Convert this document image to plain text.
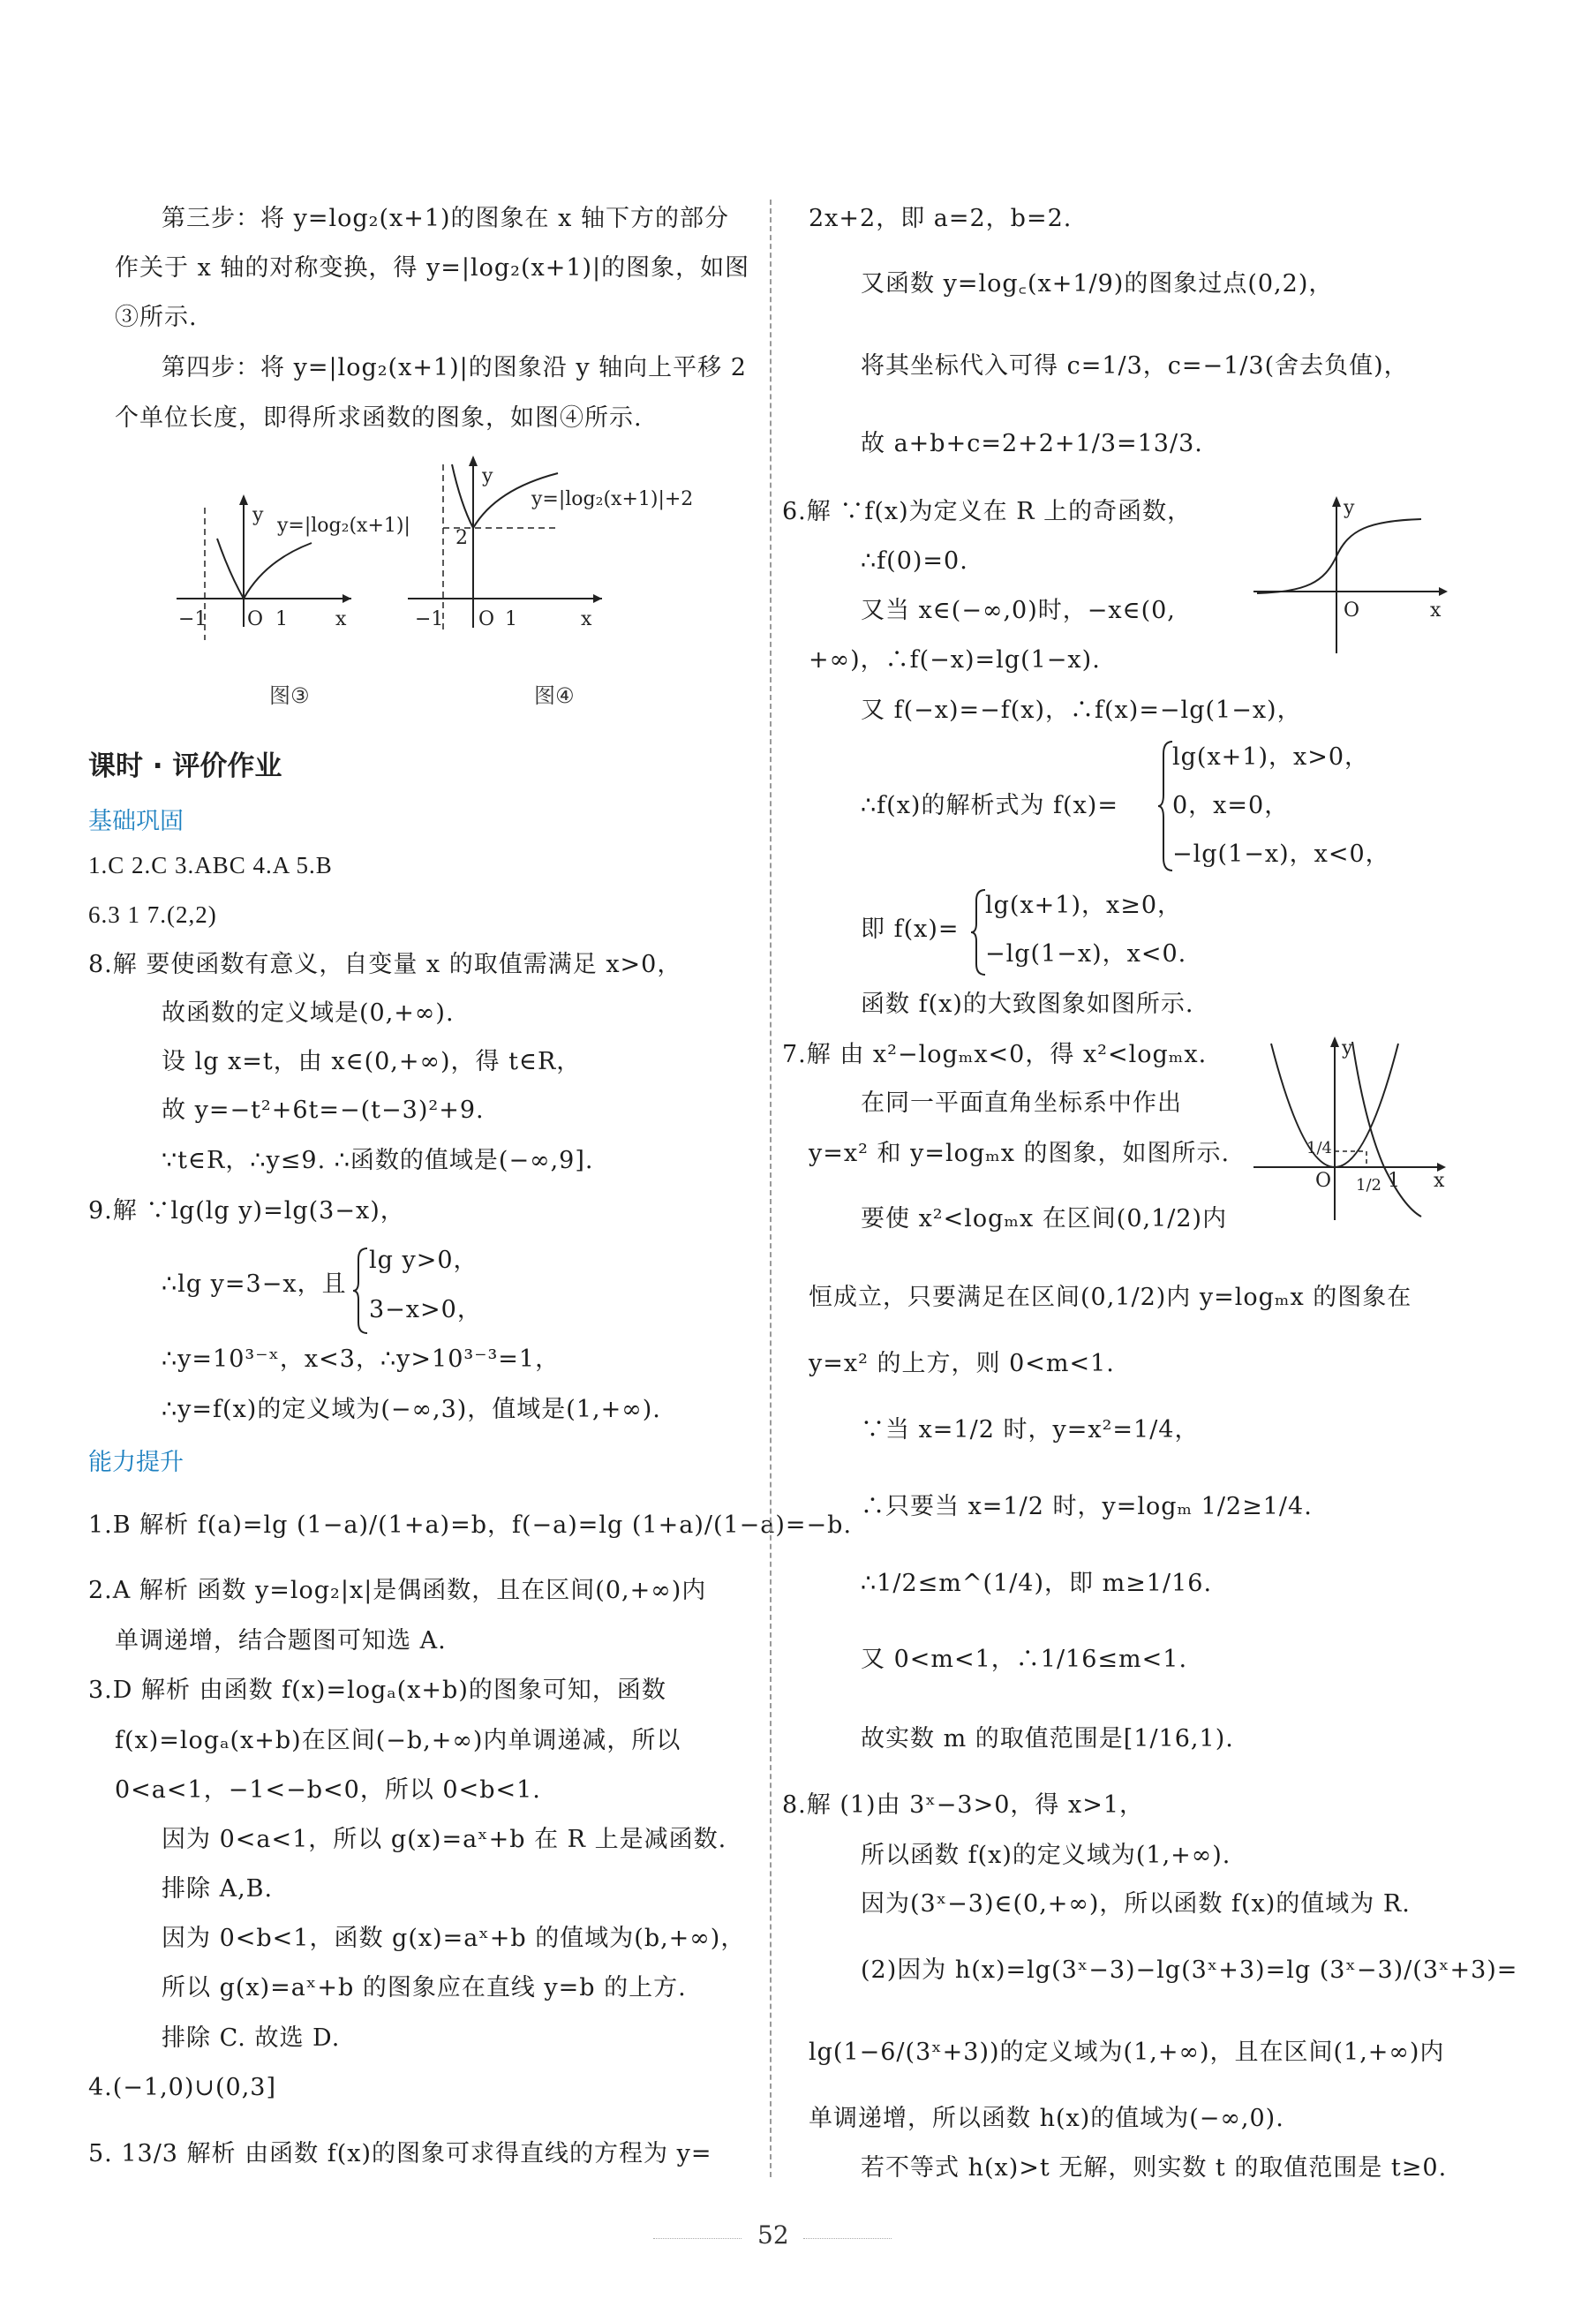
第三步：将 y=log₂(x+1)的图象在 x 轴下方的部分
作关于 x 轴的对称变换，得 y=|log₂(x+1)|的图象，如图
③所示.
第四步：将 y=|log₂(x+1)|的图象沿 y 轴向上平移 2
个单位长度，即得所求函数的图象，如图④所示.
y
x
−1 O 1
y=|log₂(x+1)|
图③
y
x
−1 O 1
2
y=|log₂(x+1)|+2
图④
课时 · 评价作业
基础巩固
1.C 2.C 3.ABC 4.A 5.B
6.3 1 7.(2,2)
8.解 要使函数有意义，自变量 x 的取值需满足 x>0，
故函数的定义域是(0,+∞).
设 lg x=t，由 x∈(0,+∞)，得 t∈R，
故 y=−t²+6t=−(t−3)²+9.
∵t∈R，∴y≤9. ∴函数的值域是(−∞,9].
9.解 ∵lg(lg y)=lg(3−x)，
∴lg y=3−x，且
lg y>0，
3−x>0，
∴y=10³⁻ˣ，x<3，∴y>10³⁻³=1，
∴y=f(x)的定义域为(−∞,3)，值域是(1,+∞).
能力提升
1.B 解析 f(a)=lg (1−a)/(1+a)=b，f(−a)=lg (1+a)/(1−a)=−b.
2.A 解析 函数 y=log₂|x|是偶函数，且在区间(0,+∞)内
单调递增，结合题图可知选 A.
3.D 解析 由函数 f(x)=logₐ(x+b)的图象可知，函数
f(x)=logₐ(x+b)在区间(−b,+∞)内单调递减，所以
0<a<1，−1<−b<0，所以 0<b<1.
因为 0<a<1，所以 g(x)=aˣ+b 在 R 上是减函数.
排除 A,B.
因为 0<b<1，函数 g(x)=aˣ+b 的值域为(b,+∞)，
所以 g(x)=aˣ+b 的图象应在直线 y=b 的上方.
排除 C. 故选 D.
4.(−1,0)∪(0,3]
5. 13/3 解析 由函数 f(x)的图象可求得直线的方程为 y=
2x+2，即 a=2，b=2.
又函数 y=log꜀(x+1/9)的图象过点(0,2)，
将其坐标代入可得 c=1/3，c=−1/3(舍去负值)，
故 a+b+c=2+2+1/3=13/3.
6.解 ∵f(x)为定义在 R 上的奇函数，
∴f(0)=0.
又当 x∈(−∞,0)时，−x∈(0,
+∞)，∴f(−x)=lg(1−x).
y
O	x
又 f(−x)=−f(x)，∴f(x)=−lg(1−x)，
∴f(x)的解析式为 f(x)=
lg(x+1)，x>0，
0，x=0，
−lg(1−x)，x<0，
即 f(x)=
lg(x+1)，x≥0，
−lg(1−x)，x<0.
函数 f(x)的大致图象如图所示.
7.解 由 x²−logₘx<0，得 x²<logₘx.
在同一平面直角坐标系中作出
y=x² 和 y=logₘx 的图象，如图所示.
y
1/4
O 1/2 1 x
要使 x²<logₘx 在区间(0,1/2)内
恒成立，只要满足在区间(0,1/2)内 y=logₘx 的图象在
y=x² 的上方，则 0<m<1.
∵当 x=1/2 时，y=x²=1/4，
∴只要当 x=1/2 时，y=logₘ 1/2≥1/4.
∴1/2≤m^(1/4)，即 m≥1/16.
又 0<m<1，∴1/16≤m<1.
故实数 m 的取值范围是[1/16,1).
8.解 (1)由 3ˣ−3>0，得 x>1，
所以函数 f(x)的定义域为(1,+∞).
因为(3ˣ−3)∈(0,+∞)，所以函数 f(x)的值域为 R.
(2)因为 h(x)=lg(3ˣ−3)−lg(3ˣ+3)=lg (3ˣ−3)/(3ˣ+3)=
lg(1−6/(3ˣ+3))的定义域为(1,+∞)，且在区间(1,+∞)内
单调递增，所以函数 h(x)的值域为(−∞,0).
若不等式 h(x)>t 无解，则实数 t 的取值范围是 t≥0.
52
